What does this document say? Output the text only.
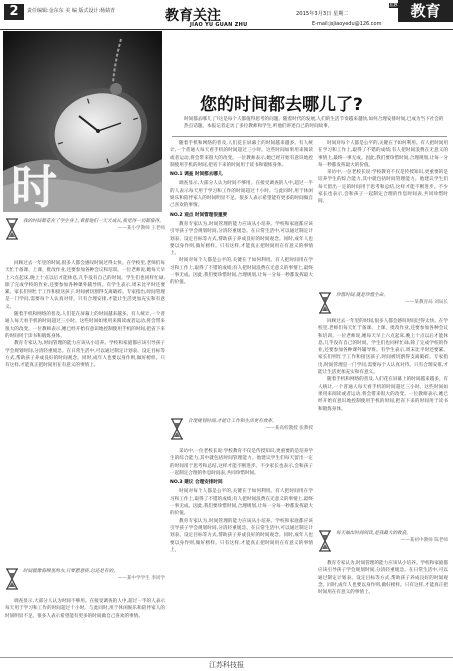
2	责任编辑:金东东 美 编 版式设计:杨婧青	教育关注
JIAO YU GUAN ZHU
2015年3月3日 星期二
E-mail:jsjiaoyedu@126.com
江苏 教育
时
您的时间都去哪儿了?
时间都去哪儿了?这是每个人都值得思考的问题。随着时代的发展,人们的生活节奏越来越快,如何合理安排时间,已成为当下社会的热点话题。本报记者走访了多位教师和学生,听他们讲述自己的时间故事。
我的时间都花在了学生身上,看着他们一天天成长,我觉得一切都值得。
——某小学教师 王老师

回顾过去一年里的时间,很多人都会感叹时间过得太快。在学校里,老师们每天忙于备课、上课、批改作业,还要参加各种会议和培训。一位老师说,她每天早上六点起床,晚上十点以后才能休息,几乎没有自己的时间。学生们也同样忙碌,除了完成学校的作业,还要参加各种课外辅导班。有学生表示,周末比平时还要累。家长们则忙于工作和接送孩子,时间被切割得支离破碎。专家指出,时间管理是一门学问,需要每个人认真对待。只有合理安排,才能让生活更加充实和有意义。

随着手机和网络的普及,人们花在屏幕上的时间越来越多。有人统计,一个普通人每天看手机的时间超过三小时。这些时间如果用来阅读或者运动,将会带来很大的改变。一位教师表示,她已经开始有意识地控制使用手机的时间,把省下来的时间用于读书和锻炼身体。

教育专家认为,时间管理的能力应该从小培养。学校和家庭都应该引导孩子学会规划时间,分清轻重缓急。在日常生活中,可以通过制定计划表、设定目标等方式,帮助孩子养成良好的时间观念。同时,成年人也要以身作则,做好榜样。只有这样,才能真正把时间用在有意义的事情上。

时间就像海绵里的水,只要愿意挤,总还是有的。
——某中学学生 李同学

调查显示,大部分人认为时间不够用。在接受调查的人中,超过一半的人表示每天用于学习和工作的时间超过十小时。与此同时,用于休闲娱乐和陪伴家人的时间明显不足。很多人表示希望能有更多的时间做自己喜欢的事情。

随着手机和网络的普及,人们花在屏幕上的时间越来越多。有人统计,一个普通人每天看手机的时间超过三小时。这些时间如果用来阅读或者运动,将会带来很大的改变。一位教师表示,她已经开始有意识地控制使用手机的时间,把省下来的时间用于读书和锻炼身体。

NO.1 调查 时间都去哪儿

调查显示,大部分人认为时间不够用。在接受调查的人中,超过一半的人表示每天用于学习和工作的时间超过十小时。与此同时,用于休闲娱乐和陪伴家人的时间明显不足。很多人表示希望能有更多的时间做自己喜欢的事情。

NO.2 观点 时间管理很重要

教育专家认为,时间管理的能力应该从小培养。学校和家庭都应该引导孩子学会规划时间,分清轻重缓急。在日常生活中,可以通过制定计划表、设定目标等方式,帮助孩子养成良好的时间观念。同时,成年人也要以身作则,做好榜样。只有这样,才能真正把时间用在有意义的事情上。

时间对每个人都是公平的,关键在于如何利用。有人把时间用在学习和工作上,取得了不错的成绩;有人把时间浪费在无意义的事情上,最终一事无成。因此,我们要珍惜时间,合理规划,让每一分每一秒都发挥最大的价值。

合理规划时间,才能让工作和生活更有效率。
——某高校教授 张教授

采访中,一位老校长说:学校教育不仅是传授知识,更重要的是培养学生的综合能力,其中就包括时间管理能力。他建议学生们每天留出一定的时间用于思考和总结,这样才能不断进步。不少家长也表示,会和孩子一起制定合理的作息时间表,共同珍惜时间。

NO.3 建议 合理安排时间

时间对每个人都是公平的,关键在于如何利用。有人把时间用在学习和工作上,取得了不错的成绩;有人把时间浪费在无意义的事情上,最终一事无成。因此,我们要珍惜时间,合理规划,让每一分每一秒都发挥最大的价值。

教育专家认为,时间管理的能力应该从小培养。学校和家庭都应该引导孩子学会规划时间,分清轻重缓急。在日常生活中,可以通过制定计划表、设定目标等方式,帮助孩子养成良好的时间观念。同时,成年人也要以身作则,做好榜样。只有这样,才能真正把时间用在有意义的事情上。

时间对每个人都是公平的,关键在于如何利用。有人把时间用在学习和工作上,取得了不错的成绩;有人把时间浪费在无意义的事情上,最终一事无成。因此,我们要珍惜时间,合理规划,让每一分每一秒都发挥最大的价值。

采访中,一位老校长说:学校教育不仅是传授知识,更重要的是培养学生的综合能力,其中就包括时间管理能力。他建议学生们每天留出一定的时间用于思考和总结,这样才能不断进步。不少家长也表示,会和孩子一起制定合理的作息时间表,共同珍惜时间。

珍惜时间,就是珍惜生命。
——某教育局 刘局长

回顾过去一年里的时间,很多人都会感叹时间过得太快。在学校里,老师们每天忙于备课、上课、批改作业,还要参加各种会议和培训。一位老师说,她每天早上六点起床,晚上十点以后才能休息,几乎没有自己的时间。学生们也同样忙碌,除了完成学校的作业,还要参加各种课外辅导班。有学生表示,周末比平时还要累。家长们则忙于工作和接送孩子,时间被切割得支离破碎。专家指出,时间管理是一门学问,需要每个人认真对待。只有合理安排,才能让生活更加充实和有意义。

随着手机和网络的普及,人们花在屏幕上的时间越来越多。有人统计,一个普通人每天看手机的时间超过三小时。这些时间如果用来阅读或者运动,将会带来很大的改变。一位教师表示,她已经开始有意识地控制使用手机的时间,把省下来的时间用于读书和锻炼身体。

每天抽出时间阅读,是我最大的收获。
——某初中教师 陈老师

教育专家认为,时间管理的能力应该从小培养。学校和家庭都应该引导孩子学会规划时间,分清轻重缓急。在日常生活中,可以通过制定计划表、设定目标等方式,帮助孩子养成良好的时间观念。同时,成年人也要以身作则,做好榜样。只有这样,才能真正把时间用在有意义的事情上。

江苏科技报
